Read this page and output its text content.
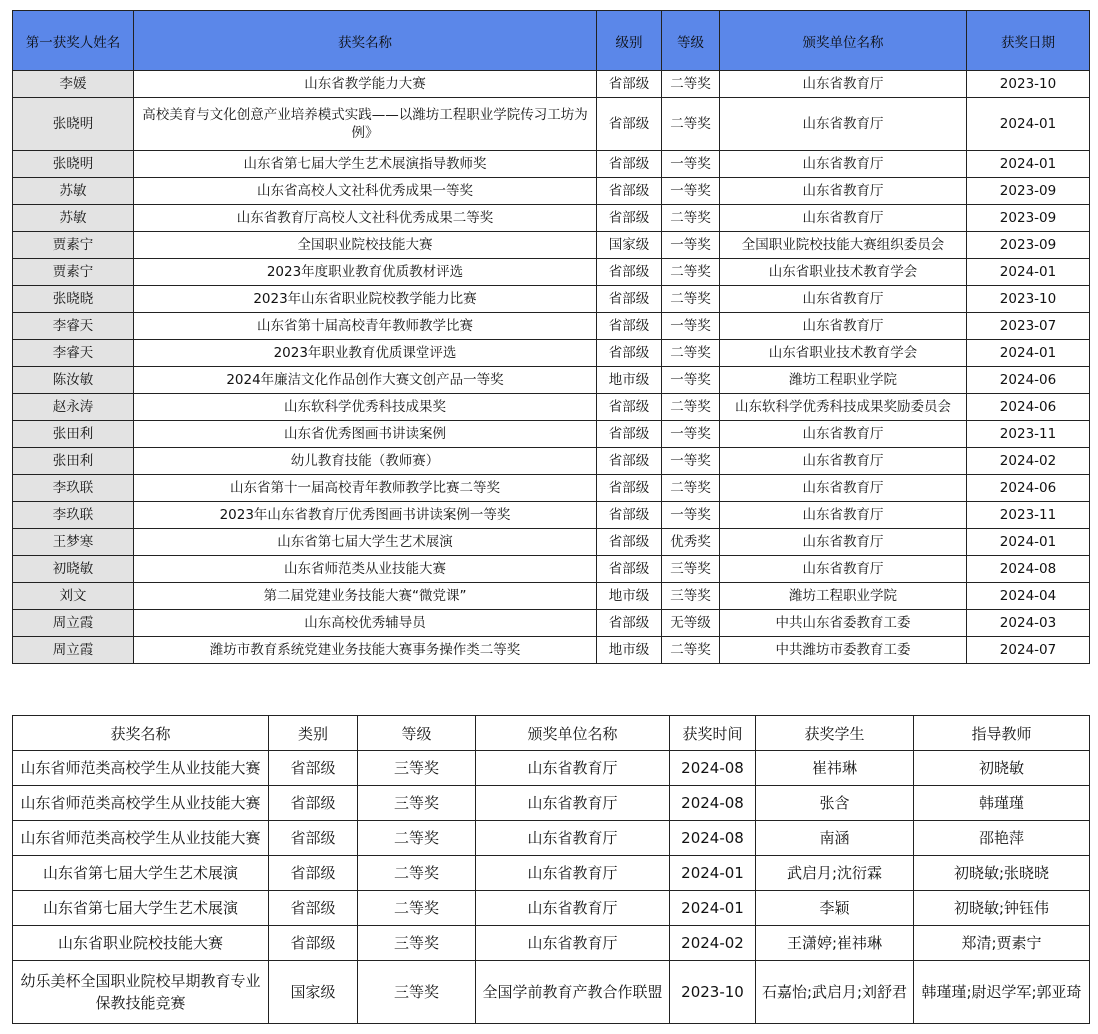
第一获奖人姓名	获奖名称	级别	等级	颁奖单位名称	获奖日期
李媛	山东省教学能力大赛	省部级	二等奖	山东省教育厅	2023-10
张晓明	高校美育与文化创意产业培养模式实践——以潍坊工程职业学院传习工坊为例》	省部级	二等奖	山东省教育厅	2024-01
张晓明	山东省第七届大学生艺术展演指导教师奖	省部级	一等奖	山东省教育厅	2024-01
苏敏	山东省高校人文社科优秀成果一等奖	省部级	一等奖	山东省教育厅	2023-09
苏敏	山东省教育厅高校人文社科优秀成果二等奖	省部级	二等奖	山东省教育厅	2023-09
贾素宁	全国职业院校技能大赛	国家级	一等奖	全国职业院校技能大赛组织委员会	2023-09
贾素宁	2023年度职业教育优质教材评选	省部级	二等奖	山东省职业技术教育学会	2024-01
张晓晓	2023年山东省职业院校教学能力比赛	省部级	二等奖	山东省教育厅	2023-10
李睿天	山东省第十届高校青年教师教学比赛	省部级	一等奖	山东省教育厅	2023-07
李睿天	2023年职业教育优质课堂评选	省部级	二等奖	山东省职业技术教育学会	2024-01
陈汝敏	2024年廉洁文化作品创作大赛文创产品一等奖	地市级	一等奖	潍坊工程职业学院	2024-06
赵永涛	山东软科学优秀科技成果奖	省部级	二等奖	山东软科学优秀科技成果奖励委员会	2024-06
张田利	山东省优秀图画书讲读案例	省部级	一等奖	山东省教育厅	2023-11
张田利	幼儿教育技能（教师赛）	省部级	一等奖	山东省教育厅	2024-02
李玖联	山东省第十一届高校青年教师教学比赛二等奖	省部级	二等奖	山东省教育厅	2024-06
李玖联	2023年山东省教育厅优秀图画书讲读案例一等奖	省部级	一等奖	山东省教育厅	2023-11
王梦寒	山东省第七届大学生艺术展演	省部级	优秀奖	山东省教育厅	2024-01
初晓敏	山东省师范类从业技能大赛	省部级	三等奖	山东省教育厅	2024-08
刘文	第二届党建业务技能大赛“微党课”	地市级	三等奖	潍坊工程职业学院	2024-04
周立霞	山东高校优秀辅导员	省部级	无等级	中共山东省委教育工委	2024-03
周立霞	潍坊市教育系统党建业务技能大赛事务操作类二等奖	地市级	二等奖	中共潍坊市委教育工委	2024-07
获奖名称	类别	等级	颁奖单位名称	获奖时间	获奖学生	指导教师
山东省师范类高校学生从业技能大赛	省部级	三等奖	山东省教育厅	2024-08	崔祎琳	初晓敏
山东省师范类高校学生从业技能大赛	省部级	三等奖	山东省教育厅	2024-08	张含	韩瑾瑾
山东省师范类高校学生从业技能大赛	省部级	二等奖	山东省教育厅	2024-08	南涵	邵艳萍
山东省第七届大学生艺术展演	省部级	二等奖	山东省教育厅	2024-01	武启月;沈衍霖	初晓敏;张晓晓
山东省第七届大学生艺术展演	省部级	二等奖	山东省教育厅	2024-01	李颖	初晓敏;钟钰伟
山东省职业院校技能大赛	省部级	三等奖	山东省教育厅	2024-02	王潇婷;崔祎琳	郑清;贾素宁
幼乐美杯全国职业院校早期教育专业保教技能竞赛	国家级	三等奖	全国学前教育产教合作联盟	2023-10	石嘉怡;武启月;刘舒君	韩瑾瑾;尉迟学军;郭亚琦
